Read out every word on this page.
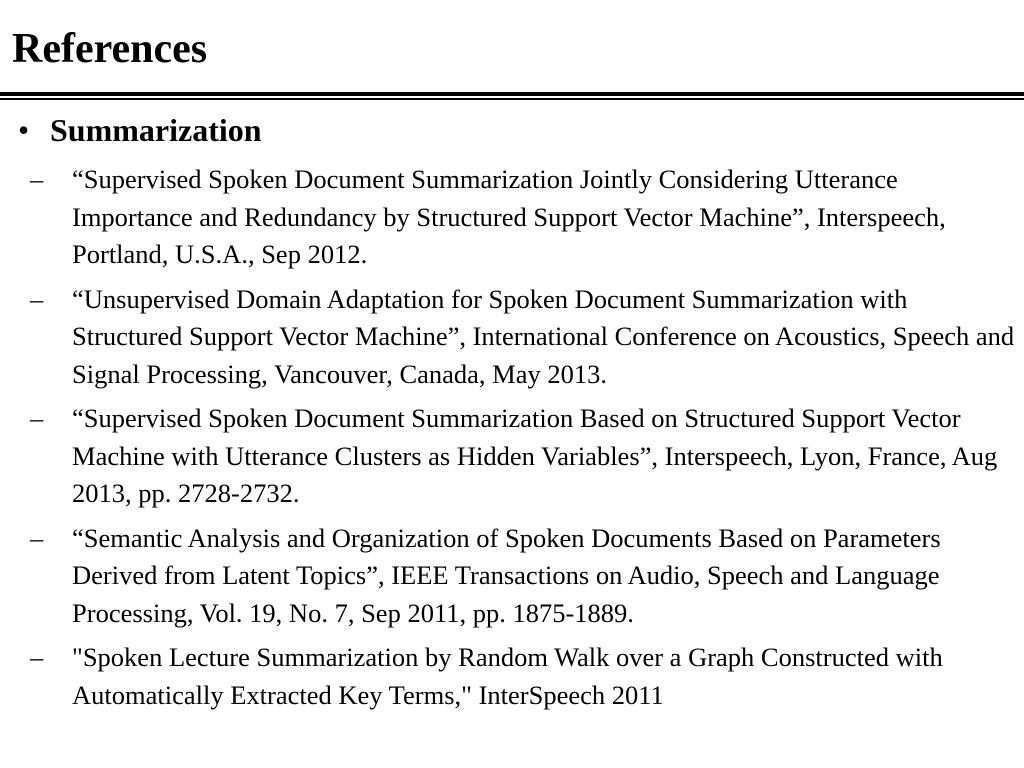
References
• Summarization
– “Supervised Spoken Document Summarization Jointly Considering Utterance Importance and Redundancy by Structured Support Vector Machine”, Interspeech, Portland, U.S.A., Sep 2012.
– “Unsupervised Domain Adaptation for Spoken Document Summarization with Structured Support Vector Machine”, International Conference on Acoustics, Speech and Signal Processing, Vancouver, Canada, May 2013.
– “Supervised Spoken Document Summarization Based on Structured Support Vector Machine with Utterance Clusters as Hidden Variables”, Interspeech, Lyon, France, Aug 2013, pp. 2728-2732.
– “Semantic Analysis and Organization of Spoken Documents Based on Parameters Derived from Latent Topics”, IEEE Transactions on Audio, Speech and Language Processing, Vol. 19, No. 7, Sep 2011, pp. 1875-1889.
– "Spoken Lecture Summarization by Random Walk over a Graph Constructed with Automatically Extracted Key Terms," InterSpeech 2011
